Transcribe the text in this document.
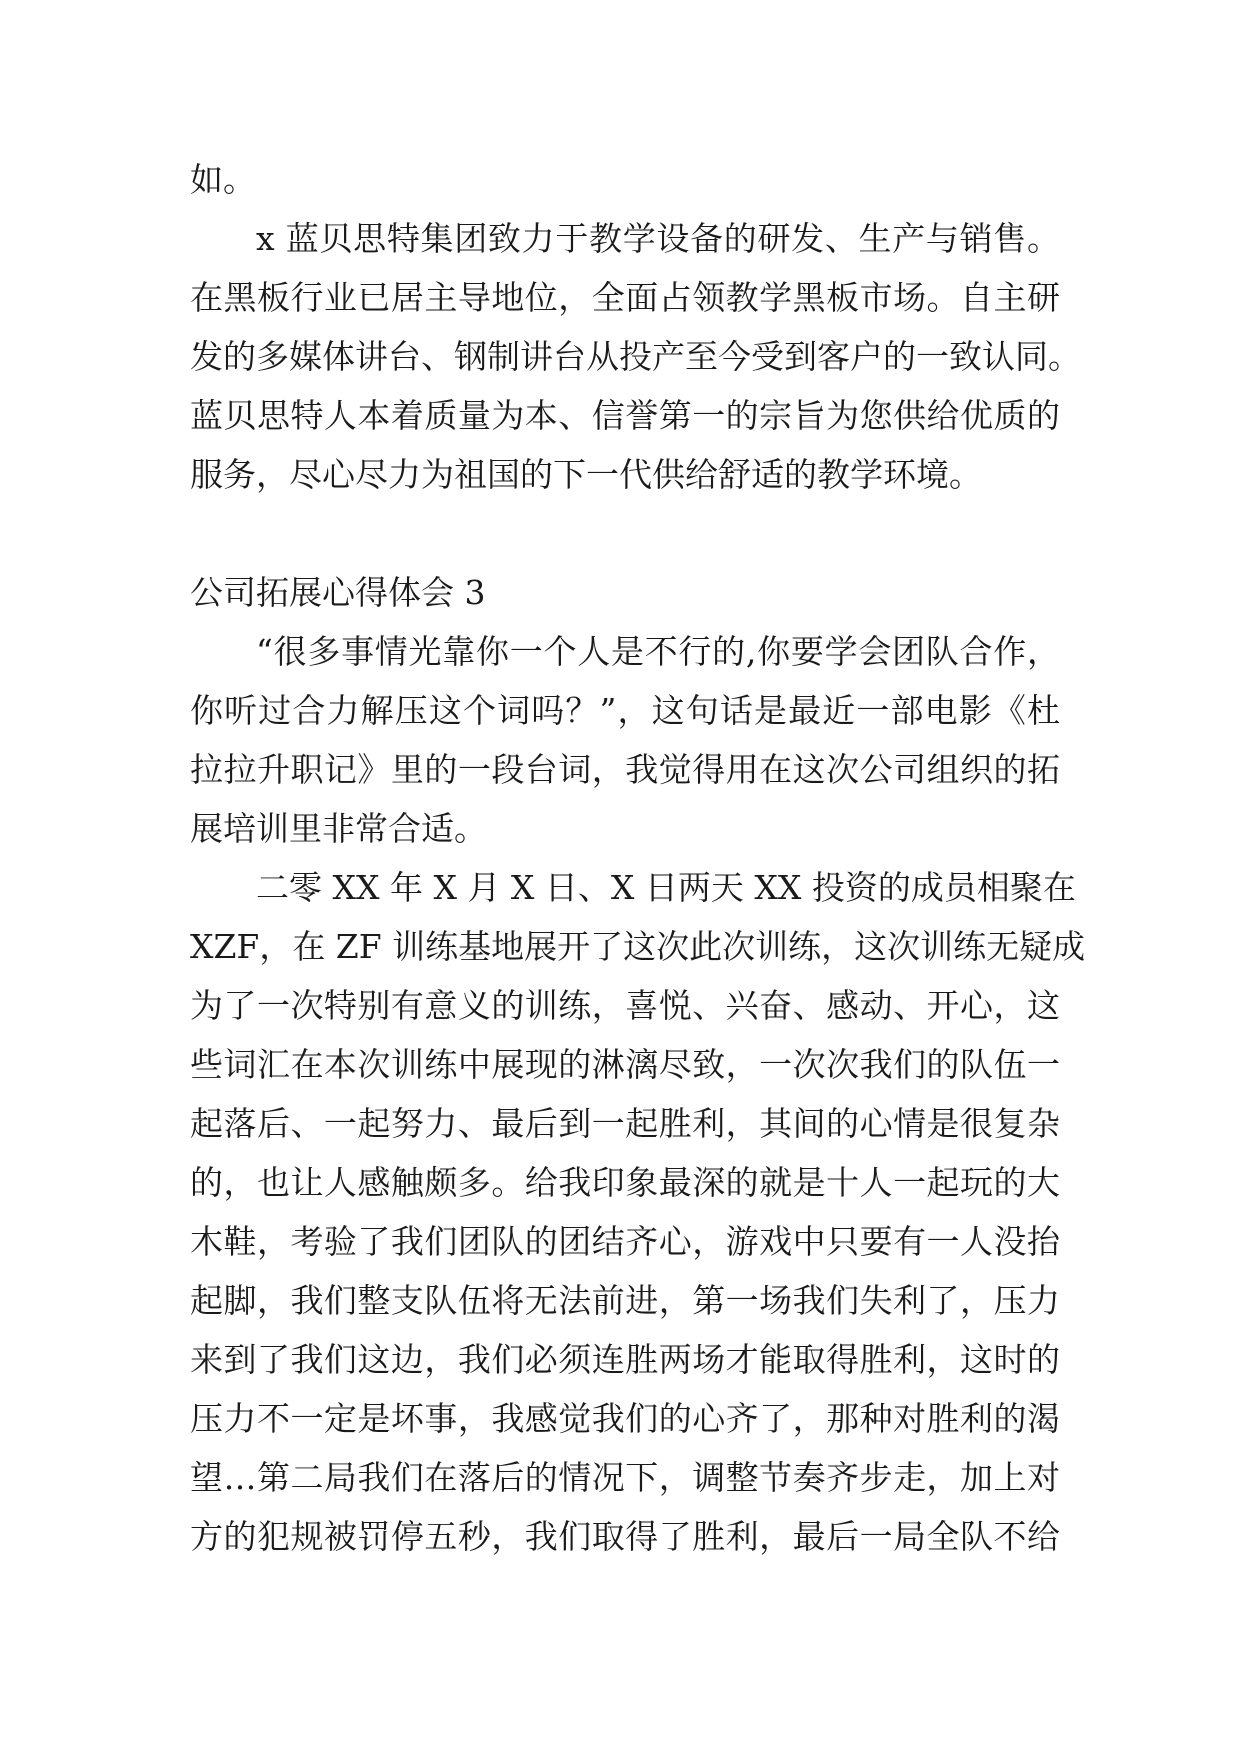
如。
x 蓝贝思特集团致力于教学设备的研发、生产与销售。
在黑板行业已居主导地位，全面占领教学黑板市场。自主研
发的多媒体讲台、钢制讲台从投产至今受到客户的一致认同。
蓝贝思特人本着质量为本、信誉第一的宗旨为您供给优质的
服务，尽心尽力为祖国的下一代供给舒适的教学环境。
公司拓展心得体会 3
“很多事情光靠你一个人是不行的,你要学会团队合作，
你听过合力解压这个词吗？”，这句话是最近一部电影《杜
拉拉升职记》里的一段台词，我觉得用在这次公司组织的拓
展培训里非常合适。
二零 XX 年 X 月 X 日、X 日两天 XX 投资的成员相聚在
XZF，在 ZF 训练基地展开了这次此次训练，这次训练无疑成
为了一次特别有意义的训练，喜悦、兴奋、感动、开心，这
些词汇在本次训练中展现的淋漓尽致，一次次我们的队伍一
起落后、一起努力、最后到一起胜利，其间的心情是很复杂
的，也让人感触颇多。给我印象最深的就是十人一起玩的大
木鞋，考验了我们团队的团结齐心，游戏中只要有一人没抬
起脚，我们整支队伍将无法前进，第一场我们失利了，压力
来到了我们这边，我们必须连胜两场才能取得胜利，这时的
压力不一定是坏事，我感觉我们的心齐了，那种对胜利的渴
望…第二局我们在落后的情况下，调整节奏齐步走，加上对
方的犯规被罚停五秒，我们取得了胜利，最后一局全队不给
